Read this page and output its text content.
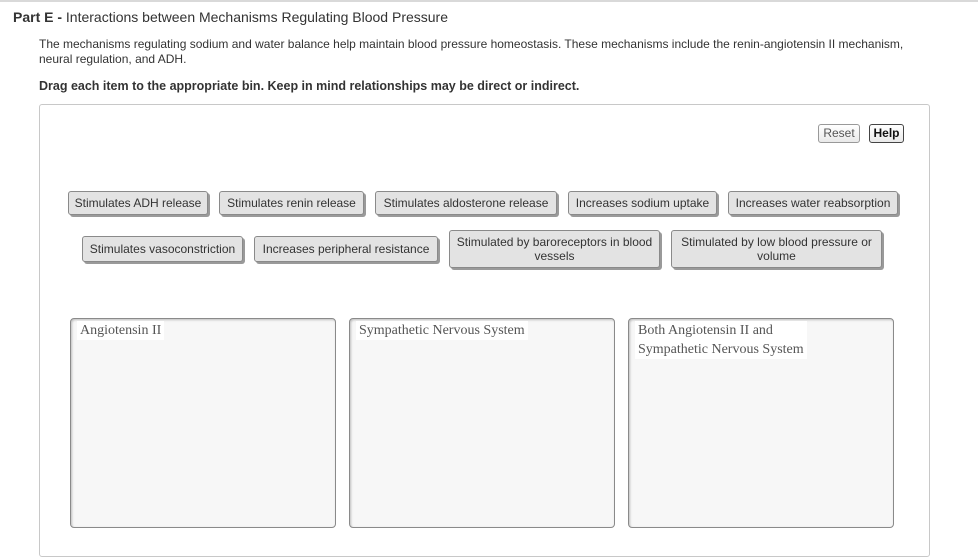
Part E - Interactions between Mechanisms Regulating Blood Pressure
The mechanisms regulating sodium and water balance help maintain blood pressure homeostasis. These mechanisms include the renin-angiotensin II mechanism, neural regulation, and ADH.
Drag each item to the appropriate bin. Keep in mind relationships may be direct or indirect.
Reset	Help
Stimulates ADH release	Stimulates renin release	Stimulates aldosterone release	Increases sodium uptake	Increases water reabsorption
Stimulates vasoconstriction	Increases peripheral resistance	Stimulated by baroreceptors in blood vessels
Stimulated by low blood pressure or volume
Angiotensin II	Sympathetic Nervous System	Both Angiotensin II and
Sympathetic Nervous System
